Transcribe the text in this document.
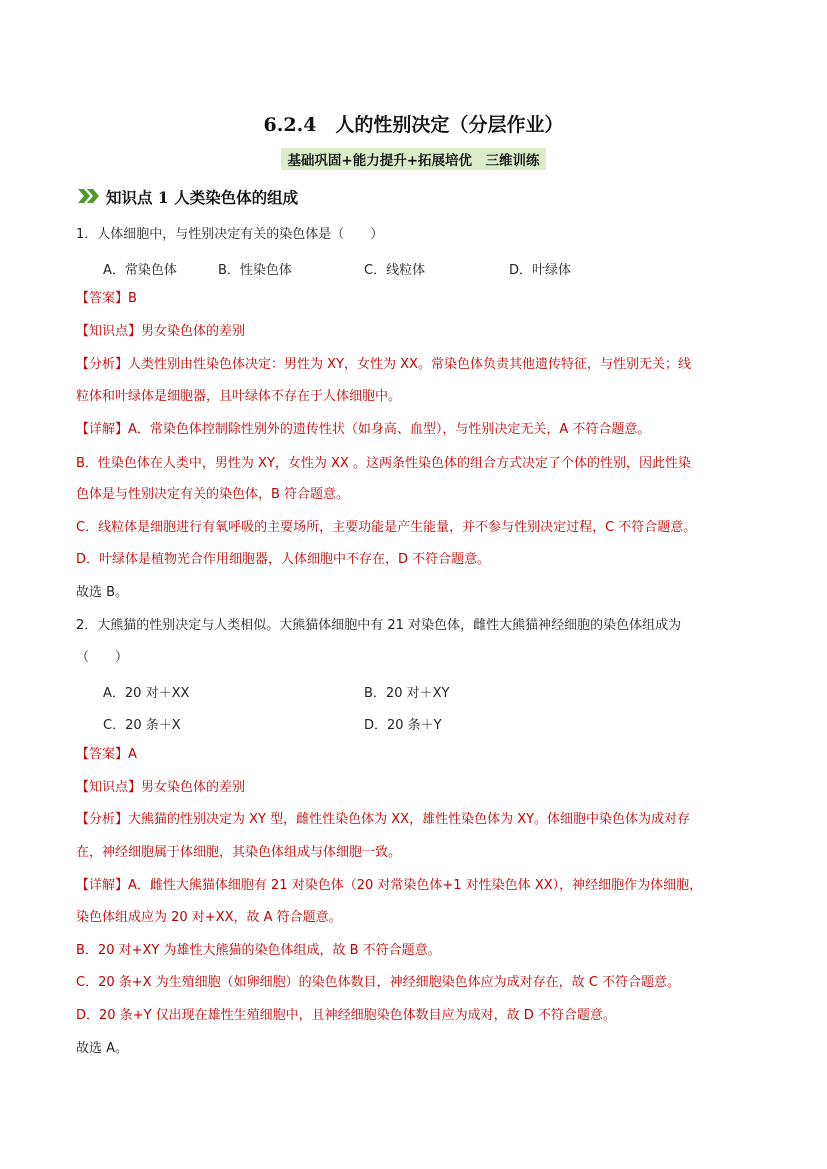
6.2.4　人的性别决定（分层作业）
基础巩固+能力提升+拓展培优　三维训练
知识点 1 人类染色体的组成
1．人体细胞中，与性别决定有关的染色体是（　　）
A．常染色体	B．性染色体	C．线粒体	D．叶绿体
【答案】B
【知识点】男女染色体的差别
【分析】人类性别由性染色体决定：男性为 XY，女性为 XX。常染色体负责其他遗传特征，与性别无关；线
粒体和叶绿体是细胞器，且叶绿体不存在于人体细胞中。
【详解】A．常染色体控制除性别外的遗传性状（如身高、血型），与性别决定无关，A 不符合题意。
B．性染色体在人类中，男性为 XY，女性为 XX 。这两条性染色体的组合方式决定了个体的性别，因此性染
色体是与性别决定有关的染色体，B 符合题意。
C．线粒体是细胞进行有氧呼吸的主要场所，主要功能是产生能量，并不参与性别决定过程，C 不符合题意。
D．叶绿体是植物光合作用细胞器，人体细胞中不存在，D 不符合题意。
故选 B。
2．大熊猫的性别决定与人类相似。大熊猫体细胞中有 21 对染色体，雌性大熊猫神经细胞的染色体组成为
（　　）
A．20 对＋XX	B．20 对＋XY
C．20 条＋X	D．20 条＋Y
【答案】A
【知识点】男女染色体的差别
【分析】大熊猫的性别决定为 XY 型，雌性性染色体为 XX，雄性性染色体为 XY。体细胞中染色体为成对存
在，神经细胞属于体细胞，其染色体组成与体细胞一致。
【详解】A．雌性大熊猫体细胞有 21 对染色体（20 对常染色体+1 对性染色体 XX），神经细胞作为体细胞，
染色体组成应为 20 对+XX，故 A 符合题意。
B．20 对+XY 为雄性大熊猫的染色体组成，故 B 不符合题意。
C．20 条+X 为生殖细胞（如卵细胞）的染色体数目，神经细胞染色体应为成对存在，故 C 不符合题意。
D．20 条+Y 仅出现在雄性生殖细胞中，且神经细胞染色体数目应为成对，故 D 不符合题意。
故选 A。
